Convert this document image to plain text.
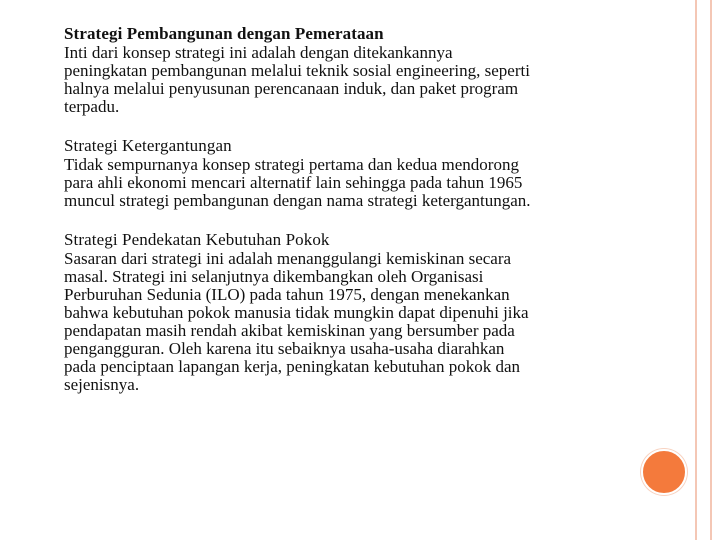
Strategi Pembangunan dengan Pemerataan
Inti dari konsep strategi ini adalah dengan ditekankannya
peningkatan pembangunan melalui teknik sosial engineering, seperti
halnya melalui penyusunan perencanaan induk, dan paket program
terpadu.
Strategi Ketergantungan
Tidak sempurnanya konsep strategi pertama dan kedua mendorong
para ahli ekonomi mencari alternatif lain sehingga pada tahun 1965
muncul strategi pembangunan dengan nama strategi ketergantungan.
Strategi Pendekatan Kebutuhan Pokok
Sasaran dari strategi ini adalah menanggulangi kemiskinan secara
masal. Strategi ini selanjutnya dikembangkan oleh Organisasi
Perburuhan Sedunia (ILO) pada tahun 1975, dengan menekankan
bahwa kebutuhan pokok manusia tidak mungkin dapat dipenuhi jika
pendapatan masih rendah akibat kemiskinan yang bersumber pada
pengangguran. Oleh karena itu sebaiknya usaha-usaha diarahkan
pada penciptaan lapangan kerja, peningkatan kebutuhan pokok dan
sejenisnya.
